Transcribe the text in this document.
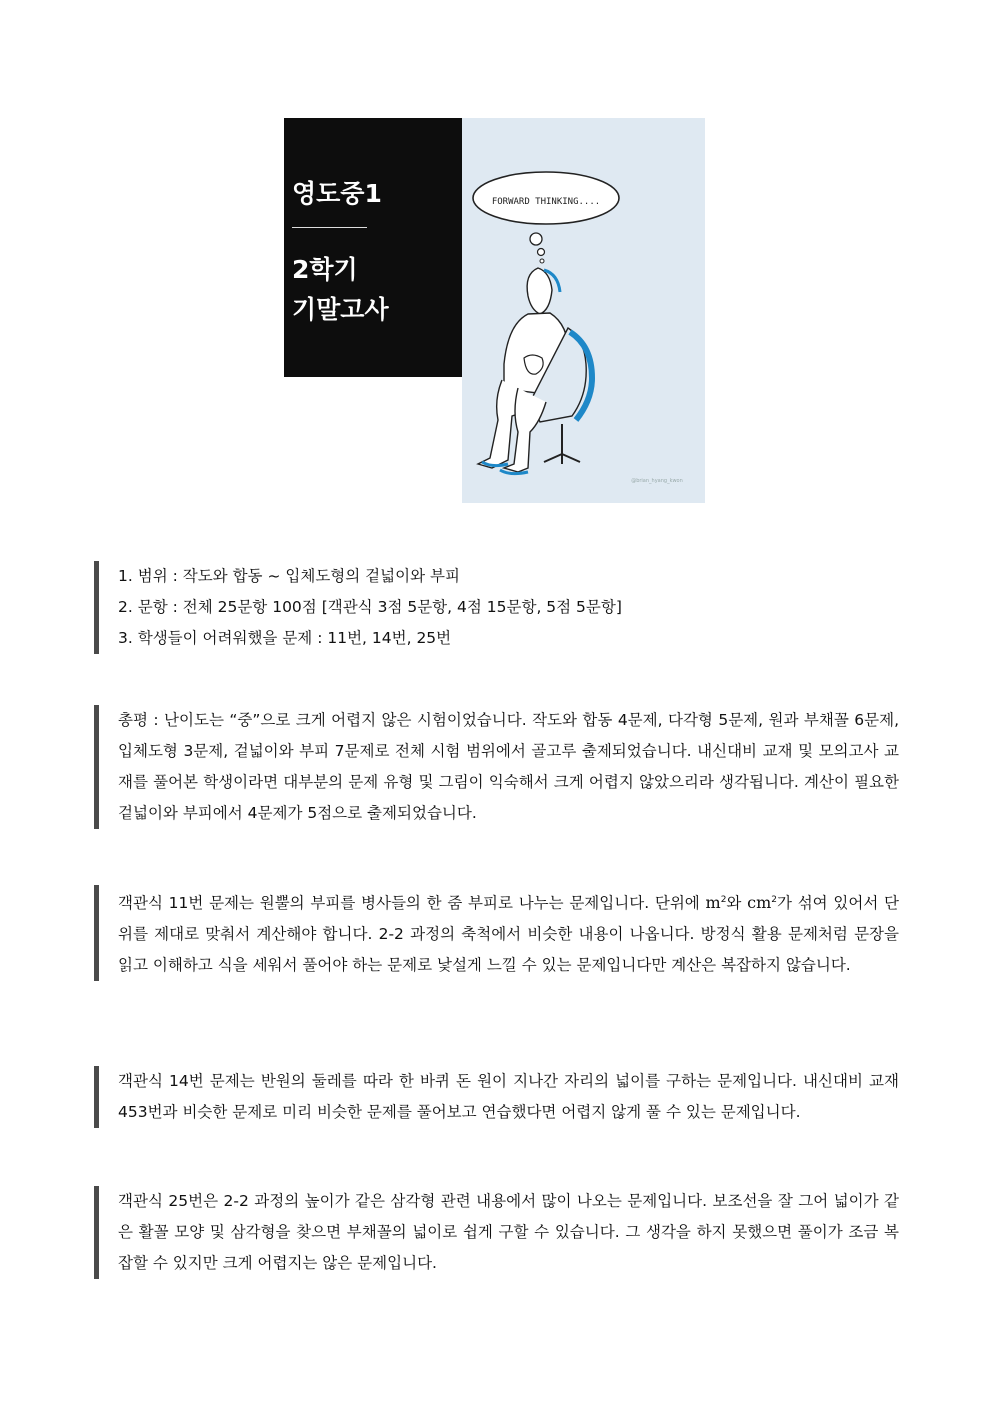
FORWARD THINKING....
@brian_hyang_kwon
영도중1
2학기
기말고사

1. 범위 : 작도와 합동 ~ 입체도형의 겉넓이와 부피

2. 문항 : 전체 25문항 100점 [객관식 3점 5문항, 4점 15문항, 5점 5문항]

3. 학생들이 어려워했을 문제 : 11번, 14번, 25번

총평 : 난이도는 “중”으로 크게 어렵지 않은 시험이었습니다. 작도와 합동 4문제, 다각형 5문제, 원과 부채꼴 6문제, 입체도형 3문제, 겉넓이와 부피 7문제로 전체 시험 범위에서 골고루 출제되었습니다. 내신대비 교재 및 모의고사 교재를 풀어본 학생이라면 대부분의 문제 유형 및 그림이 익숙해서 크게 어렵지 않았으리라 생각됩니다. 계산이 필요한 겉넓이와 부피에서 4문제가 5점으로 출제되었습니다.

객관식 11번 문제는 원뿔의 부피를 병사들의 한 줌 부피로 나누는 문제입니다. 단위에 $m^2$와 $cm^2$가 섞여 있어서 단위를 제대로 맞춰서 계산해야 합니다. 2-2 과정의 축척에서 비슷한 내용이 나옵니다. 방정식 활용 문제처럼 문장을 읽고 이해하고 식을 세워서 풀어야 하는 문제로 낯설게 느낄 수 있는 문제입니다만 계산은 복잡하지 않습니다.

객관식 14번 문제는 반원의 둘레를 따라 한 바퀴 돈 원이 지나간 자리의 넓이를 구하는 문제입니다. 내신대비 교재 453번과 비슷한 문제로 미리 비슷한 문제를 풀어보고 연습했다면 어렵지 않게 풀 수 있는 문제입니다.

객관식 25번은 2-2 과정의 높이가 같은 삼각형 관련 내용에서 많이 나오는 문제입니다. 보조선을 잘 그어 넓이가 같은 활꼴 모양 및 삼각형을 찾으면 부채꼴의 넓이로 쉽게 구할 수 있습니다. 그 생각을 하지 못했으면 풀이가 조금 복잡할 수 있지만 크게 어렵지는 않은 문제입니다.
